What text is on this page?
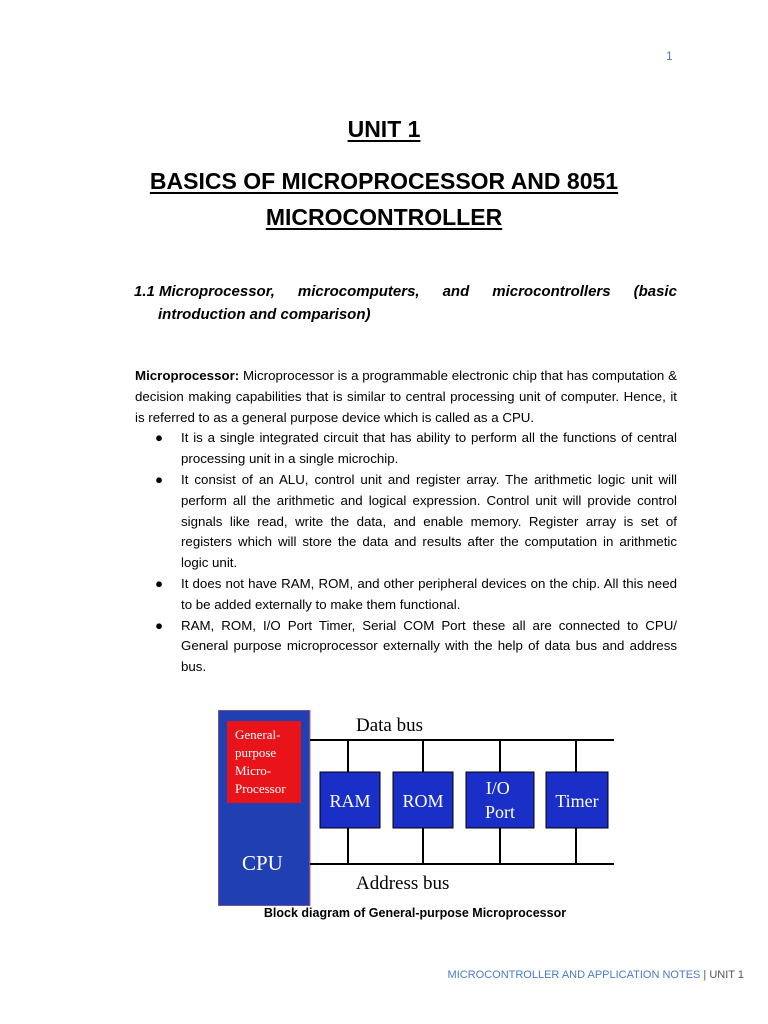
1
UNIT 1
BASICS OF MICROPROCESSOR AND 8051
MICROCONTROLLER
1.1 Microprocessor, microcomputers, and microcontrollers (basic
introduction and comparison)

Microprocessor: Microprocessor is a programmable electronic chip that has computation & decision making capabilities that is similar to central processing unit of computer. Hence, it is referred to as a general purpose device which is called as a CPU.

● It is a single integrated circuit that has ability to perform all the functions of central processing unit in a single microchip.
● It consist of an ALU, control unit and register array. The arithmetic logic unit will perform all the arithmetic and logical expression. Control unit will provide control signals like read, write the data, and enable memory. Register array is set of registers which will store the data and results after the computation in arithmetic logic unit.
● It does not have RAM, ROM, and other peripheral devices on the chip. All this need to be added externally to make them functional.
● RAM, ROM, I/O Port Timer, Serial COM Port these all are connected to CPU/ General purpose microprocessor externally with the help of data bus and address bus.
General- purpose Micro- Processor
CPU
Data bus
Address bus
RAM ROM
I/O Port
Timer
Block diagram of General-purpose Microprocessor
MICROCONTROLLER AND APPLICATION NOTES | UNIT 1
